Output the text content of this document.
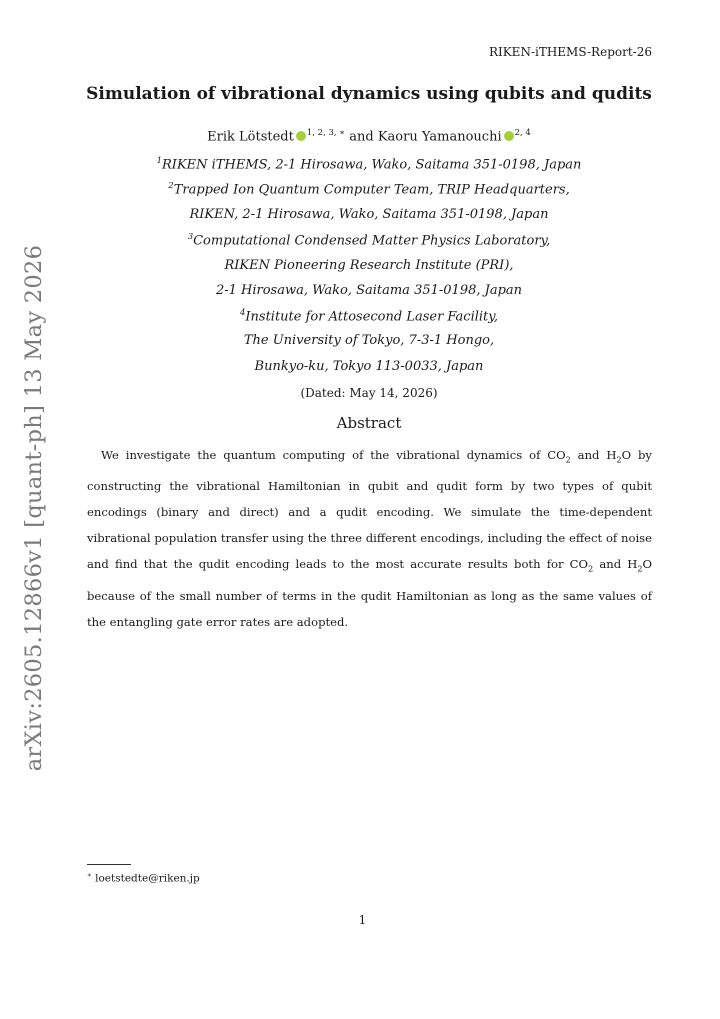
RIKEN-iTHEMS-Report-26
Simulation of vibrational dynamics using qubits and qudits
Erik Lötstedt $^{1, 2, 3, ∗}$ and Kaoru Yamanouchi $^{2, 4}$
$^1$RIKEN iTHEMS, 2-1 Hirosawa, Wako, Saitama 351-0198, Japan
$^2$Trapped Ion Quantum Computer Team, TRIP Headquarters,
RIKEN, 2-1 Hirosawa, Wako, Saitama 351-0198, Japan
$^3$Computational Condensed Matter Physics Laboratory,
RIKEN Pioneering Research Institute (PRI),
2-1 Hirosawa, Wako, Saitama 351-0198, Japan
$^4$Institute for Attosecond Laser Facility,
The University of Tokyo, 7-3-1 Hongo,
Bunkyo-ku, Tokyo 113-0033, Japan
(Dated: May 14, 2026)
Abstract
We investigate the quantum computing of the vibrational dynamics of $CO_2$ and $H_2O$ by constructing the vibrational Hamiltonian in qubit and qudit form by two types of qubit encodings (binary and direct) and a qudit encoding. We simulate the time-dependent vibrational population transfer using the three different encodings, including the effect of noise and find that the qudit encoding leads to the most accurate results both for $CO_2$ and $H_2O$ because of the small number of terms in the qudit Hamiltonian as long as the same values of the entangling gate error rates are adopted.
arXiv:2605.12866v1 [quant-ph] 13 May 2026
∗ loetstedte@riken.jp
1
